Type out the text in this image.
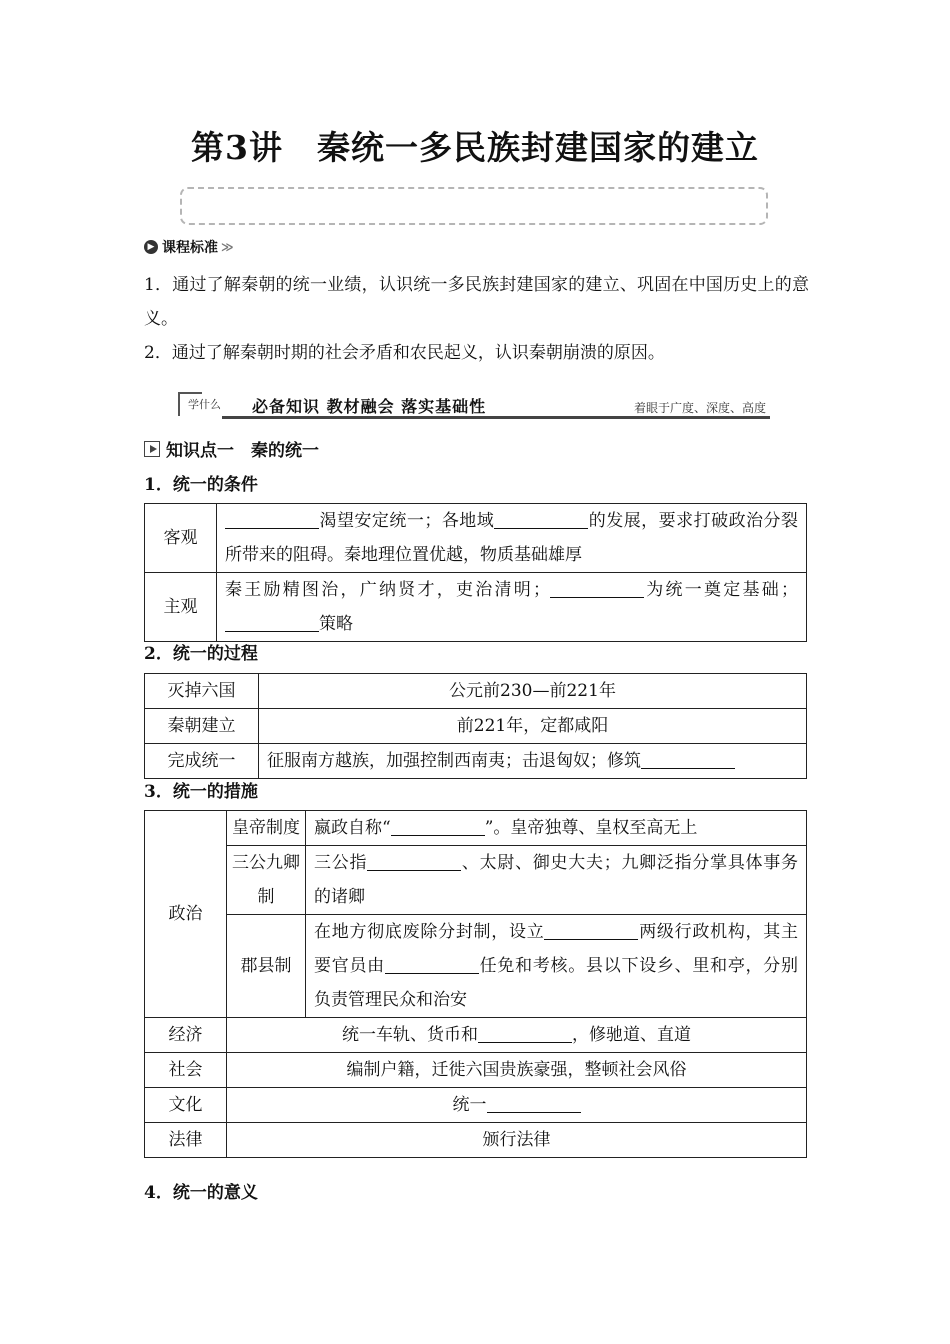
第3讲　秦统一多民族封建国家的建立
▶ 课程标准 ≫
1．通过了解秦朝的统一业绩，认识统一多民族封建国家的建立、巩固在中国历史上的意义。
2．通过了解秦朝时期的社会矛盾和农民起义，认识秦朝崩溃的原因。
学什么 必备知识 教材融会 落实基础性	着眼于广度、深度、高度
知识点一　秦的统一
1．统一的条件
客观	渴望安定统一；各地域 的发展，要求打破政治分裂所带来的阻碍。秦地理位置优越，物质基础雄厚
主观	秦王励精图治，广纳贤才，吏治清明； 为统一奠定基础；策略
2．统一的过程
灭掉六国	公元前230—前221年
秦朝建立	前221年，定都咸阳
完成统一	征服南方越族，加强控制西南夷；击退匈奴；修筑
3．统一的措施
政治	皇帝制度	嬴政自称“ ”。皇帝独尊、皇权至高无上
	三公九卿制	三公指 、太尉、御史大夫；九卿泛指分掌具体事务的诸卿
	郡县制	在地方彻底废除分封制，设立 两级行政机构，其主要官员由 任免和考核。县以下设乡、里和亭，分别负责管理民众和治安
经济	统一车轨、货币和 ，修驰道、直道	
社会	编制户籍，迁徙六国贵族豪强，整顿社会风俗	
文化	统一	
法律	颁行法律	
4．统一的意义
